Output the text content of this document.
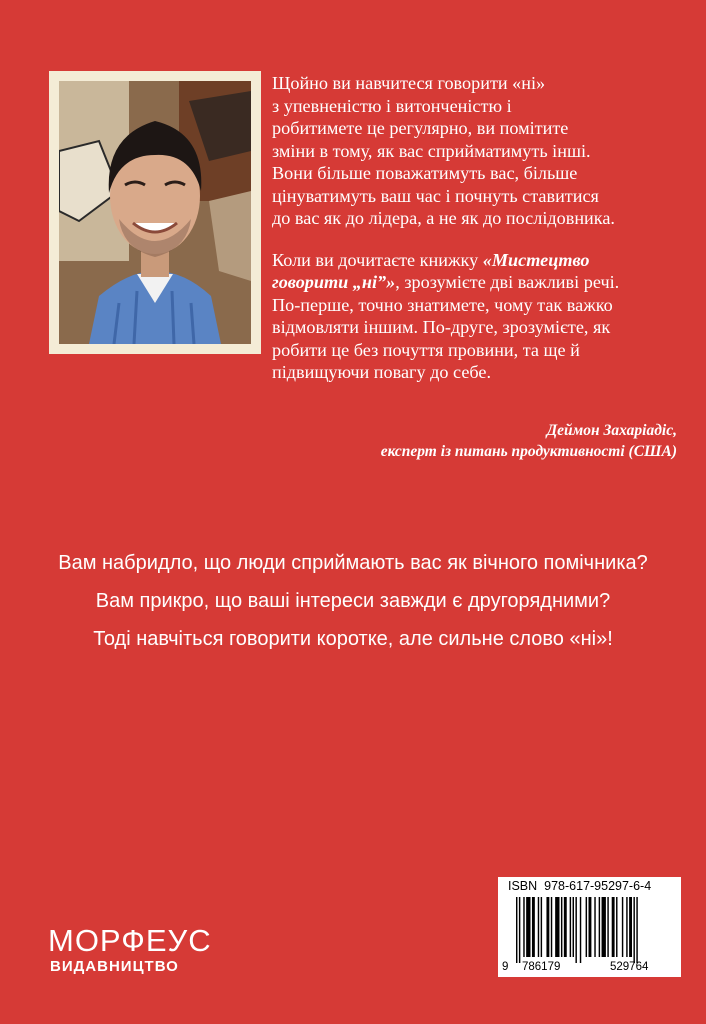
Щойно ви навчитеся говорити «ні»
з упевненістю і витонченістю і
робитимете це регулярно, ви помітите
зміни в тому, як вас сприйматимуть інші.
Вони більше поважатимуть вас, більше
цінуватимуть ваш час і почнуть ставитися
до вас як до лідера, а не як до послідовника.

Коли ви дочитаєте книжку «Мистецтво
говорити „ні”», зрозумієте дві важливі речі.
По-перше, точно знатимете, чому так важко
відмовляти іншим. По-друге, зрозумієте, як
робити це без почуття провини, та ще й
підвищуючи повагу до себе.

Деймон Захаріадіс,
експерт із питань продуктивності (США)
Вам набридло, що люди сприймають вас як вічного помічника?
Вам прикро, що ваші інтереси завжди є другорядними?
Тоді навчіться говорити коротке, але сильне слово «ні»!
МОРФЕУС
ВИДАВНИЦТВО
ISBN 978-617-95297-6-4
9 786179	529764
